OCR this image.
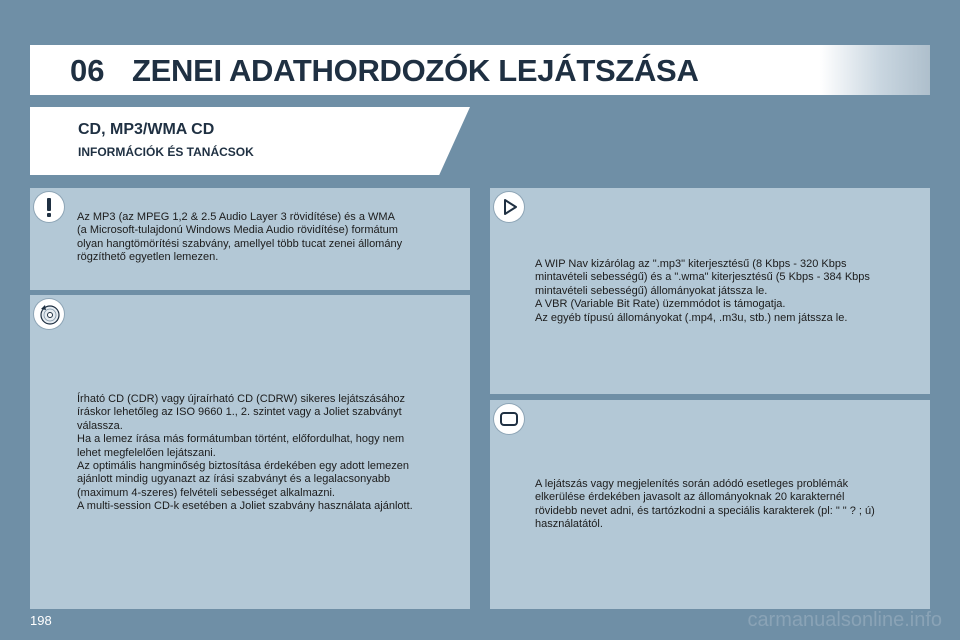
06 ZENEI ADATHORDOZÓK LEJÁTSZÁSA
CD, MP3/WMA CD
INFORMÁCIÓK ÉS TANÁCSOK
Az MP3 (az MPEG 1,2 & 2.5 Audio Layer 3 rövidítése) és a WMA
(a Microsoft-tulajdonú Windows Media Audio rövidítése) formátum
olyan hangtömörítési szabvány, amellyel több tucat zenei állomány
rögzíthető egyetlen lemezen.
Írható CD (CDR) vagy újraírható CD (CDRW) sikeres lejátszásához
íráskor lehetőleg az ISO 9660 1., 2. szintet vagy a Joliet szabványt
válassza.
Ha a lemez írása más formátumban történt, előfordulhat, hogy nem
lehet megfelelően lejátszani.
Az optimális hangminőség biztosítása érdekében egy adott lemezen
ajánlott mindig ugyanazt az írási szabványt és a legalacsonyabb
(maximum 4-szeres) felvételi sebességet alkalmazni.
A multi-session CD-k esetében a Joliet szabvány használata ajánlott.
A WIP Nav kizárólag az ".mp3" kiterjesztésű (8 Kbps - 320 Kbps
mintavételi sebességű) és a ".wma" kiterjesztésű (5 Kbps - 384 Kbps
mintavételi sebességű) állományokat játssza le.
A VBR (Variable Bit Rate) üzemmódot is támogatja.
Az egyéb típusú állományokat (.mp4, .m3u, stb.) nem játssza le.
A lejátszás vagy megjelenítés során adódó esetleges problémák
elkerülése érdekében javasolt az állományoknak 20 karakternél
rövidebb nevet adni, és tartózkodni a speciális karakterek (pl: " " ? ; ú)
használatától.
198	carmanualsonline.info
